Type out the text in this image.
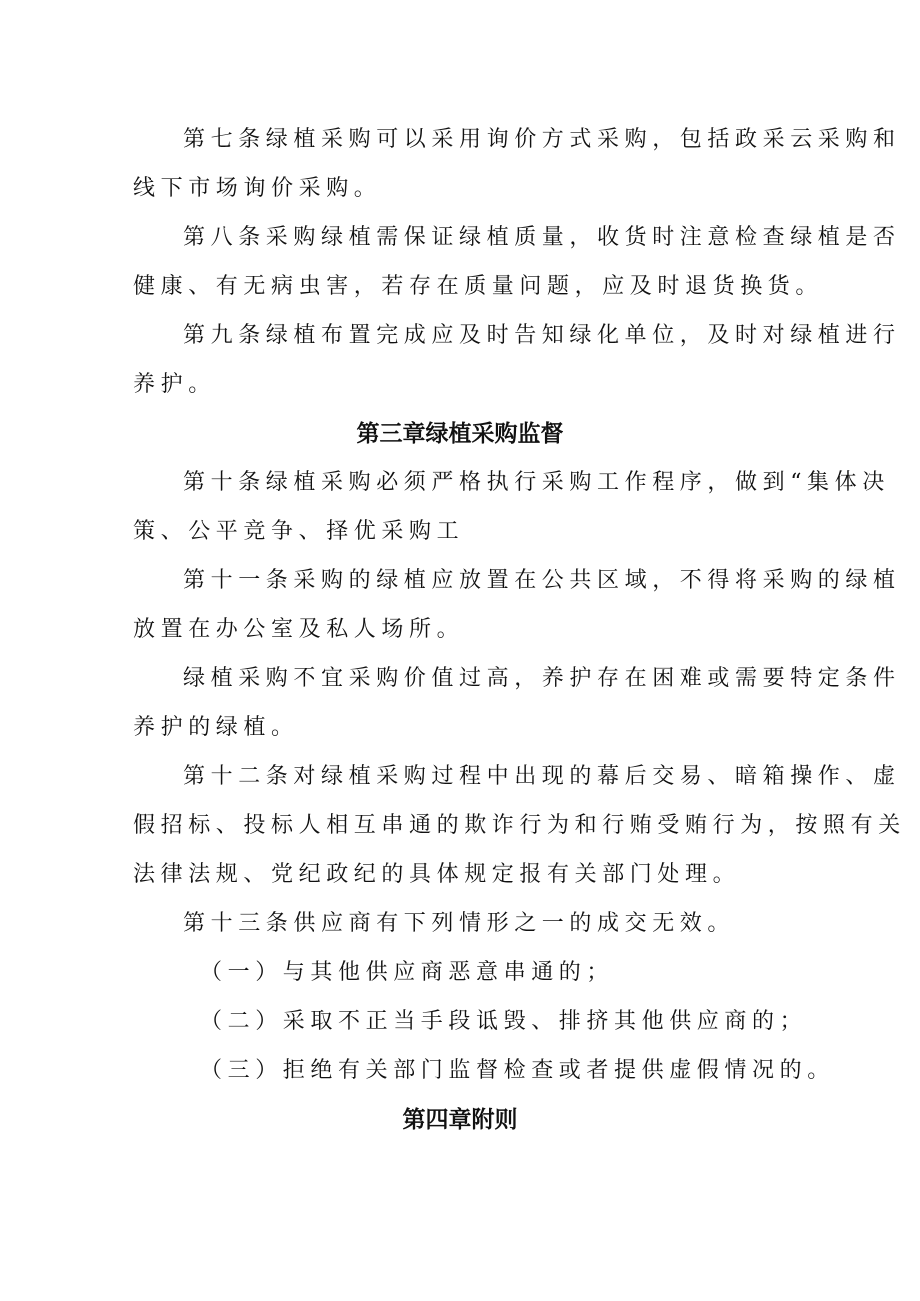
第七条绿植采购可以采用询价方式采购，包括政采云采购和
线下市场询价采购。
第八条采购绿植需保证绿植质量，收货时注意检查绿植是否
健康、有无病虫害，若存在质量问题，应及时退货换货。
第九条绿植布置完成应及时告知绿化单位，及时对绿植进行
养护。
第三章绿植采购监督
第十条绿植采购必须严格执行采购工作程序，做到“集体决
策、公平竞争、择优采购工
第十一条采购的绿植应放置在公共区域，不得将采购的绿植
放置在办公室及私人场所。
绿植采购不宜采购价值过高，养护存在困难或需要特定条件
养护的绿植。
第十二条对绿植采购过程中出现的幕后交易、暗箱操作、虚
假招标、投标人相互串通的欺诈行为和行贿受贿行为，按照有关
法律法规、党纪政纪的具体规定报有关部门处理。
第十三条供应商有下列情形之一的成交无效。
（一）与其他供应商恶意串通的；
（二）采取不正当手段诋毁、排挤其他供应商的；
（三）拒绝有关部门监督检查或者提供虚假情况的。
第四章附则
